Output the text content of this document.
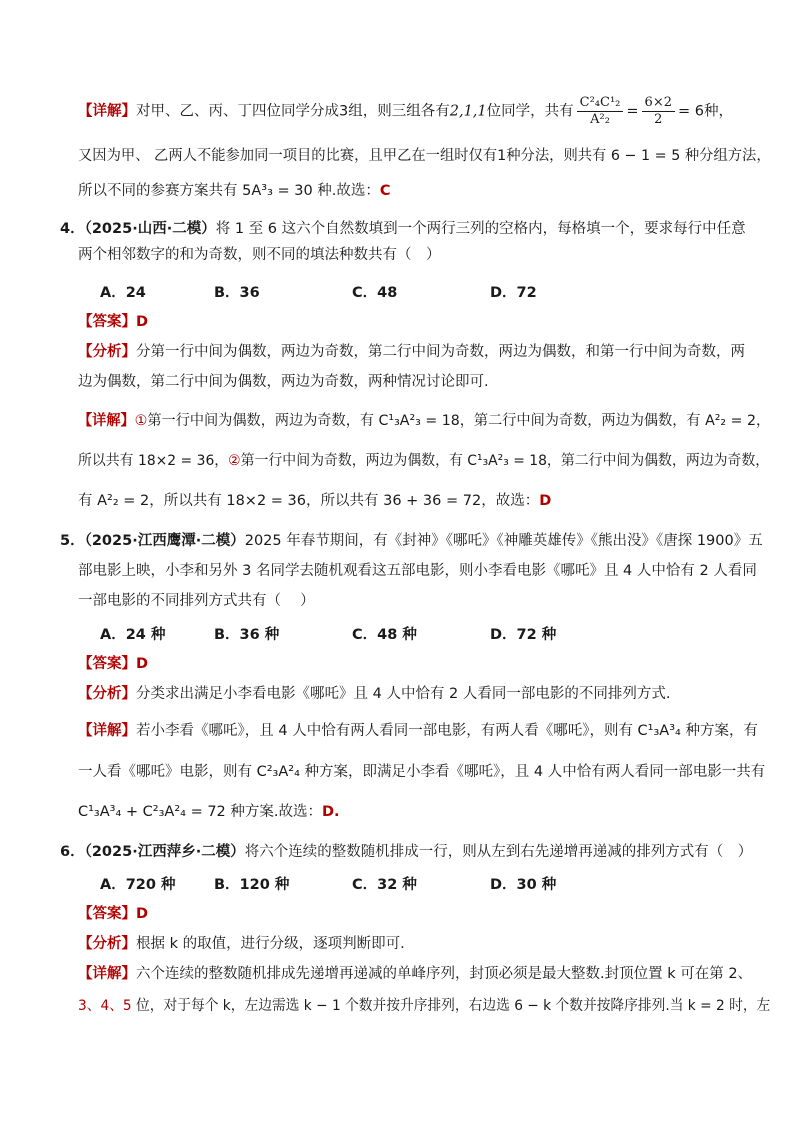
【详解】对甲、乙、丙、丁四位同学分成3组，则三组各有2,1,1位同学，共有 $\frac{\text{C²₄C¹₂}}{\text{A²₂}} = \frac{6\times 2}{2} = 6$种，
又因为甲、 乙两人不能参加同一项目的比赛，且甲乙在一组时仅有1种分法，则共有 6 − 1 = 5 种分组方法，
所以不同的参赛方案共有 5A³₃ = 30 种.故选：C
4．（2025·山西·二模）将 1 至 6 这六个自然数填到一个两行三列的空格内，每格填一个，要求每行中任意
两个相邻数字的和为奇数，则不同的填法种数共有（　）
A．24	B．36	C．48	D．72
【答案】D
【分析】分第一行中间为偶数，两边为奇数，第二行中间为奇数，两边为偶数，和第一行中间为奇数，两
边为偶数，第二行中间为偶数，两边为奇数，两种情况讨论即可.
【详解】①第一行中间为偶数，两边为奇数，有 C¹₃A²₃ = 18，第二行中间为奇数，两边为偶数，有 A²₂ = 2，
所以共有 18×2 = 36，②第一行中间为奇数，两边为偶数，有 C¹₃A²₃ = 18，第二行中间为偶数，两边为奇数，
有 A²₂ = 2，所以共有 18×2 = 36，所以共有 36 + 36 = 72，故选：D
5．（2025·江西鹰潭·二模）2025 年春节期间，有《封神》《哪吒》《神雕英雄传》《熊出没》《唐探 1900》五
部电影上映，小李和另外 3 名同学去随机观看这五部电影，则小李看电影《哪吒》且 4 人中恰有 2 人看同
一部电影的不同排列方式共有（　 ）
A．24 种	B．36 种	C．48 种	D．72 种
【答案】D
【分析】分类求出满足小李看电影《哪吒》且 4 人中恰有 2 人看同一部电影的不同排列方式.
【详解】若小李看《哪吒》，且 4 人中恰有两人看同一部电影，有两人看《哪吒》，则有 C¹₃A³₄ 种方案，有
一人看《哪吒》电影，则有 C²₃A²₄ 种方案，即满足小李看《哪吒》，且 4 人中恰有两人看同一部电影一共有
C¹₃A³₄ + C²₃A²₄ = 72 种方案.故选：D.
6．（2025·江西萍乡·二模）将六个连续的整数随机排成一行，则从左到右先递增再递减的排列方式有（　）
A．720 种	B．120 种	C．32 种	D．30 种
【答案】D
【分析】根据 k 的取值，进行分级，逐项判断即可.
【详解】六个连续的整数随机排成先递增再递减的单峰序列，封顶必须是最大整数.封顶位置 k 可在第 2、
3、4、5 位，对于每个 k，左边需选 k − 1 个数并按升序排列，右边选 6 − k 个数并按降序排列.当 k = 2 时，左
